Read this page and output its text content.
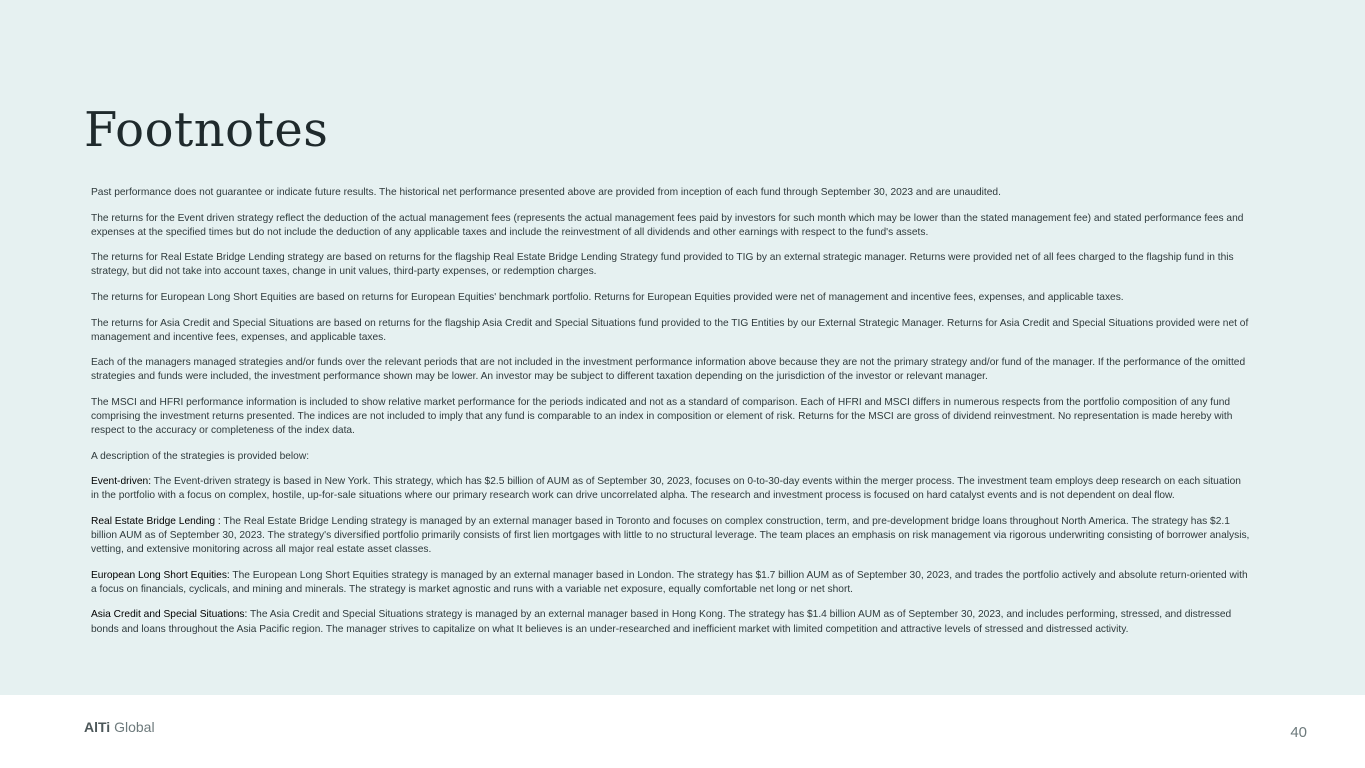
Footnotes

Past performance does not guarantee or indicate future results. The historical net performance presented above are provided from inception of each fund through September 30, 2023 and are unaudited.

The returns for the Event driven strategy reflect the deduction of the actual management fees (represents the actual management fees paid by investors for such month which may be lower than the stated management fee) and stated performance fees and expenses at the specified times but do not include the deduction of any applicable taxes and include the reinvestment of all dividends and other earnings with respect to the fund's assets.

The returns for Real Estate Bridge Lending strategy are based on returns for the flagship Real Estate Bridge Lending Strategy fund provided to TIG by an external strategic manager. Returns were provided net of all fees charged to the flagship fund in this strategy, but did not take into account taxes, change in unit values, third-party expenses, or redemption charges.

The returns for European Long Short Equities are based on returns for European Equities' benchmark portfolio. Returns for European Equities provided were net of management and incentive fees, expenses, and applicable taxes.

The returns for Asia Credit and Special Situations are based on returns for the flagship Asia Credit and Special Situations fund provided to the TIG Entities by our External Strategic Manager. Returns for Asia Credit and Special Situations provided were net of management and incentive fees, expenses, and applicable taxes.

Each of the managers managed strategies and/or funds over the relevant periods that are not included in the investment performance information above because they are not the primary strategy and/or fund of the manager. If the performance of the omitted strategies and funds were included, the investment performance shown may be lower. An investor may be subject to different taxation depending on the jurisdiction of the investor or relevant manager.

The MSCI and HFRI performance information is included to show relative market performance for the periods indicated and not as a standard of comparison. Each of HFRI and MSCI differs in numerous respects from the portfolio composition of any fund comprising the investment returns presented. The indices are not included to imply that any fund is comparable to an index in composition or element of risk. Returns for the MSCI are gross of dividend reinvestment. No representation is made hereby with respect to the accuracy or completeness of the index data.

A description of the strategies is provided below:

Event-driven: The Event-driven strategy is based in New York. This strategy, which has $2.5 billion of AUM as of September 30, 2023, focuses on 0-to-30-day events within the merger process. The investment team employs deep research on each situation in the portfolio with a focus on complex, hostile, up-for-sale situations where our primary research work can drive uncorrelated alpha. The research and investment process is focused on hard catalyst events and is not dependent on deal flow.

Real Estate Bridge Lending : The Real Estate Bridge Lending strategy is managed by an external manager based in Toronto and focuses on complex construction, term, and pre-development bridge loans throughout North America. The strategy has $2.1 billion AUM as of September 30, 2023. The strategy's diversified portfolio primarily consists of first lien mortgages with little to no structural leverage. The team places an emphasis on risk management via rigorous underwriting consisting of borrower analysis, vetting, and extensive monitoring across all major real estate asset classes.

European Long Short Equities: The European Long Short Equities strategy is managed by an external manager based in London. The strategy has $1.7 billion AUM as of September 30, 2023, and trades the portfolio actively and absolute return-oriented with a focus on financials, cyclicals, and mining and minerals. The strategy is market agnostic and runs with a variable net exposure, equally comfortable net long or net short.

Asia Credit and Special Situations: The Asia Credit and Special Situations strategy is managed by an external manager based in Hong Kong. The strategy has $1.4 billion AUM as of September 30, 2023, and includes performing, stressed, and distressed bonds and loans throughout the Asia Pacific region. The manager strives to capitalize on what It believes is an under-researched and inefficient market with limited competition and attractive levels of stressed and distressed activity.

AlTi Global	40
